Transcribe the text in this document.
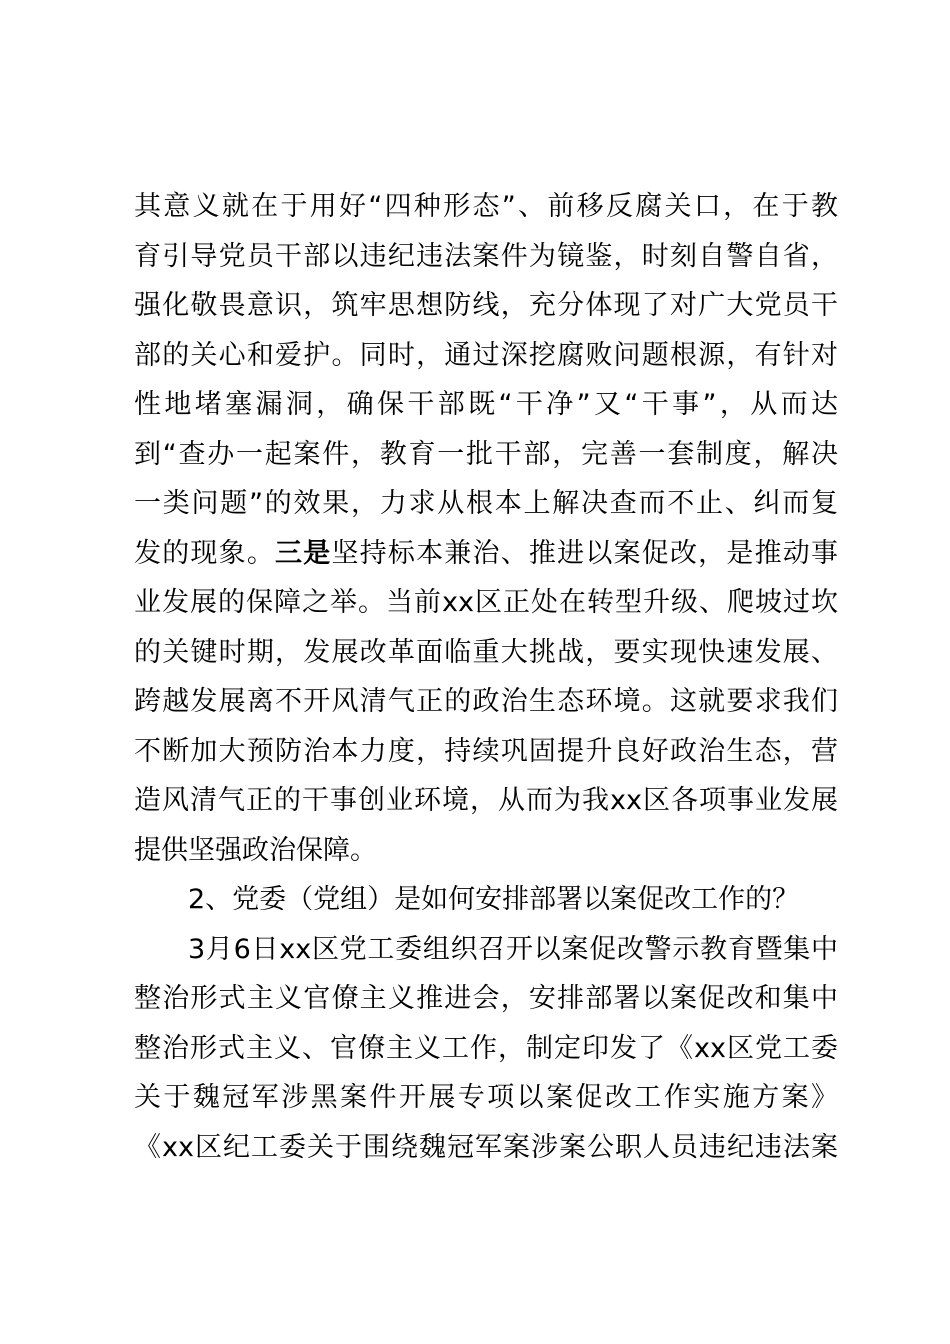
其意义就在于用好“四种形态”、前移反腐关口，在于教
育引导党员干部以违纪违法案件为镜鉴，时刻自警自省，
强化敬畏意识，筑牢思想防线，充分体现了对广大党员干
部的关心和爱护。同时，通过深挖腐败问题根源，有针对
性地堵塞漏洞，确保干部既“干净”又“干事”，从而达
到“查办一起案件，教育一批干部，完善一套制度，解决
一类问题”的效果，力求从根本上解决查而不止、纠而复
发的现象。三是坚持标本兼治、推进以案促改，是推动事
业发展的保障之举。当前xx区正处在转型升级、爬坡过坎
的关键时期，发展改革面临重大挑战，要实现快速发展、
跨越发展离不开风清气正的政治生态环境。这就要求我们
不断加大预防治本力度，持续巩固提升良好政治生态，营
造风清气正的干事创业环境，从而为我xx区各项事业发展
提供坚强政治保障。
2、党委（党组）是如何安排部署以案促改工作的？
3月6日xx区党工委组织召开以案促改警示教育暨集中
整治形式主义官僚主义推进会，安排部署以案促改和集中
整治形式主义、官僚主义工作，制定印发了《xx区党工委
关于魏冠军涉黑案件开展专项以案促改工作实施方案》
《xx区纪工委关于围绕魏冠军案涉案公职人员违纪违法案
